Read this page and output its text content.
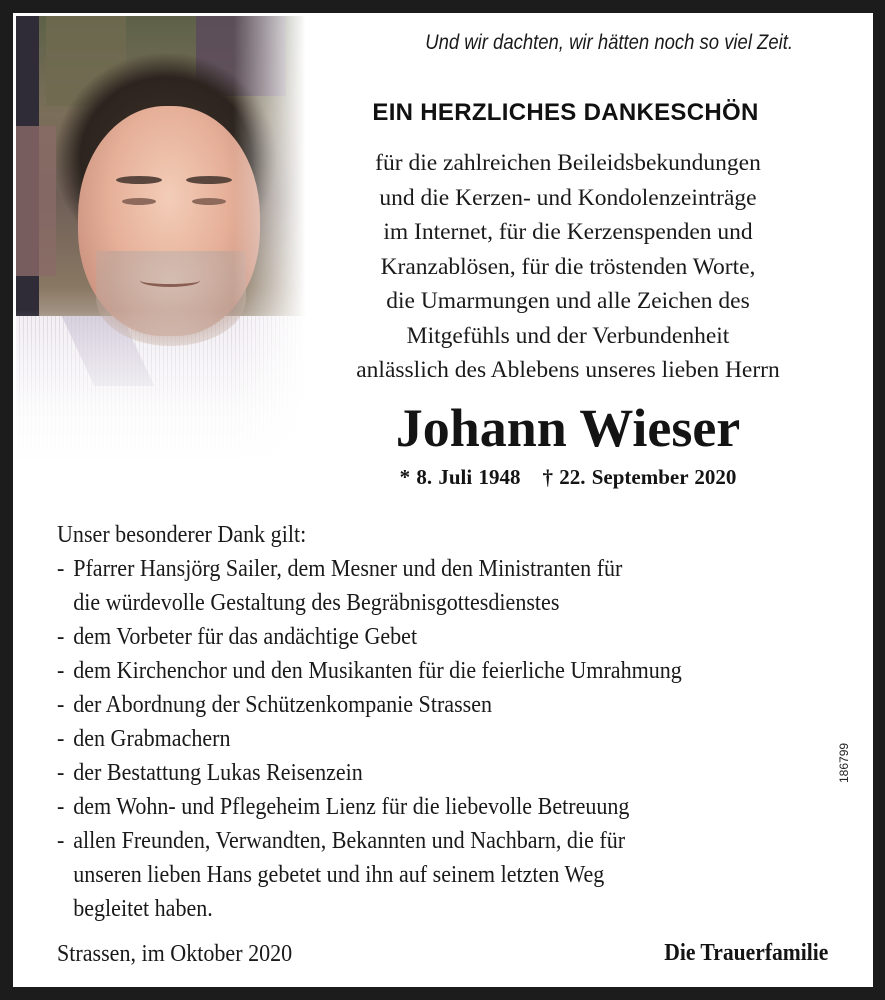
Und wir dachten, wir hätten noch so viel Zeit.
EIN HERZLICHES DANKESCHÖN
für die zahlreichen Beileidsbekundungen
und die Kerzen- und Kondolenzeinträge
im Internet, für die Kerzenspenden und
Kranzablösen, für die tröstenden Worte,
die Umarmungen und alle Zeichen des
Mitgefühls und der Verbundenheit
anlässlich des Ablebens unseres lieben Herrn
Johann Wieser
* 8. Juli 1948 † 22. September 2020
Unser besonderer Dank gilt:
- Pfarrer Hansjörg Sailer, dem Mesner und den Ministranten für
die würdevolle Gestaltung des Begräbnisgottesdienstes
- dem Vorbeter für das andächtige Gebet
- dem Kirchenchor und den Musikanten für die feierliche Umrahmung
- der Abordnung der Schützenkompanie Strassen
- den Grabmachern
- der Bestattung Lukas Reisenzein
- dem Wohn- und Pflegeheim Lienz für die liebevolle Betreuung
- allen Freunden, Verwandten, Bekannten und Nachbarn, die für
unseren lieben Hans gebetet und ihn auf seinem letzten Weg
begleitet haben.
Strassen, im Oktober 2020	Die Trauerfamilie
186799
